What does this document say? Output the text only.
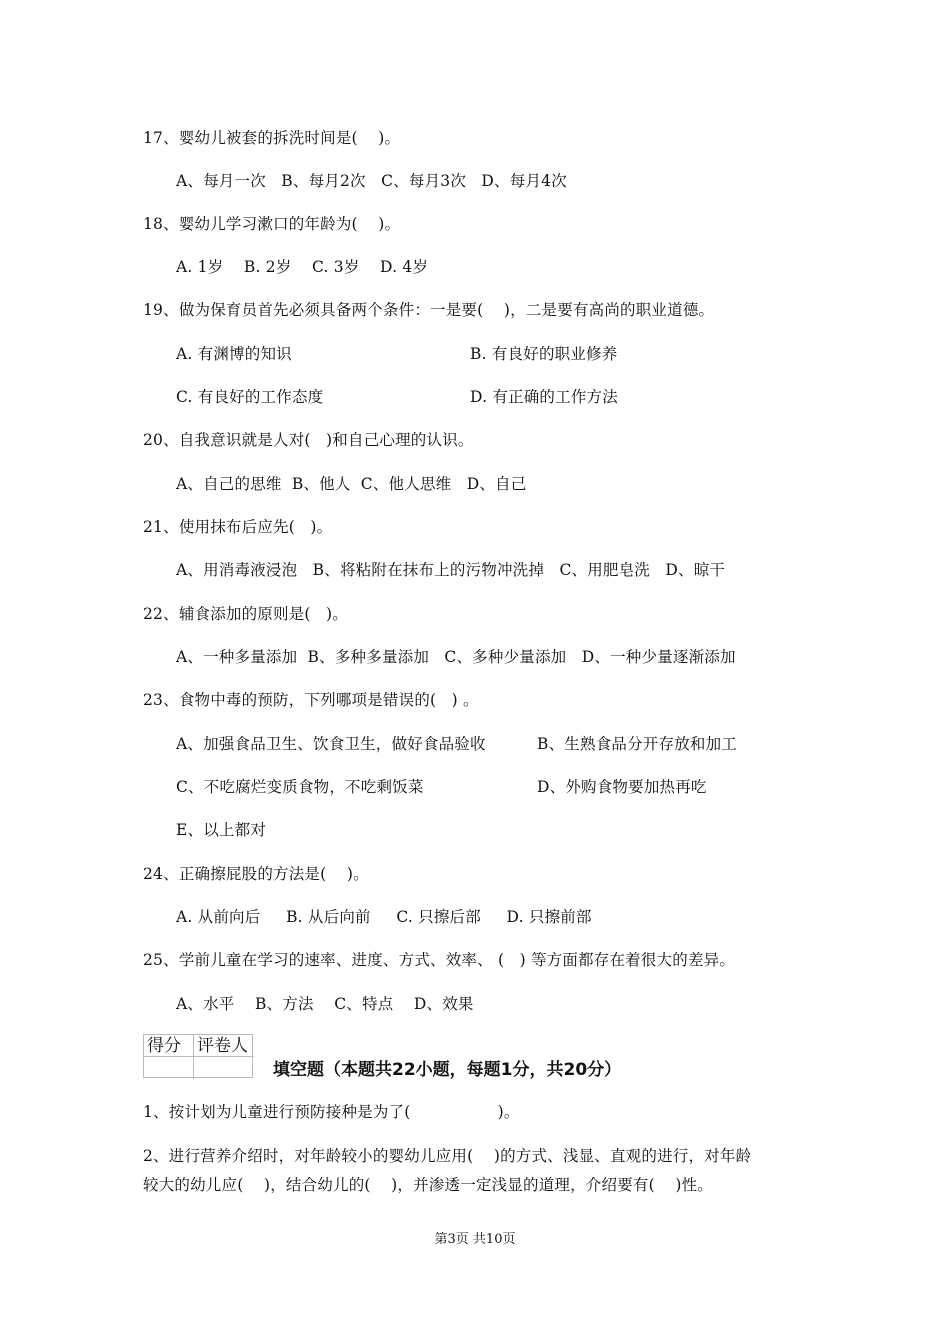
17、婴幼儿被套的拆洗时间是(    )。
A、每月一次   B、每月2次   C、每月3次   D、每月4次
18、婴幼儿学习漱口的年龄为(    )。
A. 1岁    B. 2岁    C. 3岁    D. 4岁
19、做为保育员首先必须具备两个条件：一是要(    )，二是要有高尚的职业道德。
A. 有渊博的知识	B. 有良好的职业修养
C. 有良好的工作态度	D. 有正确的工作方法
20、自我意识就是人对(   )和自己心理的认识。
A、自己的思维  B、他人  C、他人思维   D、自己
21、使用抹布后应先(   )。
A、用消毒液浸泡   B、将粘附在抹布上的污物冲洗掉   C、用肥皂洗   D、晾干
22、辅食添加的原则是(   )。
A、一种多量添加  B、多种多量添加   C、多种少量添加   D、一种少量逐渐添加
23、食物中毒的预防，下列哪项是错误的(   ) 。
A、加强食品卫生、饮食卫生，做好食品验收	B、生熟食品分开存放和加工
C、不吃腐烂变质食物，不吃剩饭菜	D、外购食物要加热再吃
E、以上都对
24、正确擦屁股的方法是(    )。
A. 从前向后     B. 从后向前     C. 只擦后部     D. 只擦前部
25、学前儿童在学习的速率、进度、方式、效率、 (   ) 等方面都存在着很大的差异。
A、水平    B、方法    C、特点    D、效果
得分 评卷人
填空题（本题共22小题，每题1分，共20分）
1、按计划为儿童进行预防接种是为了(                 )。
2、进行营养介绍时，对年龄较小的婴幼儿应用(    )的方式、浅显、直观的进行，对年龄
较大的幼儿应(    )，结合幼儿的(    )，并渗透一定浅显的道理，介绍要有(    )性。
第3页 共10页
